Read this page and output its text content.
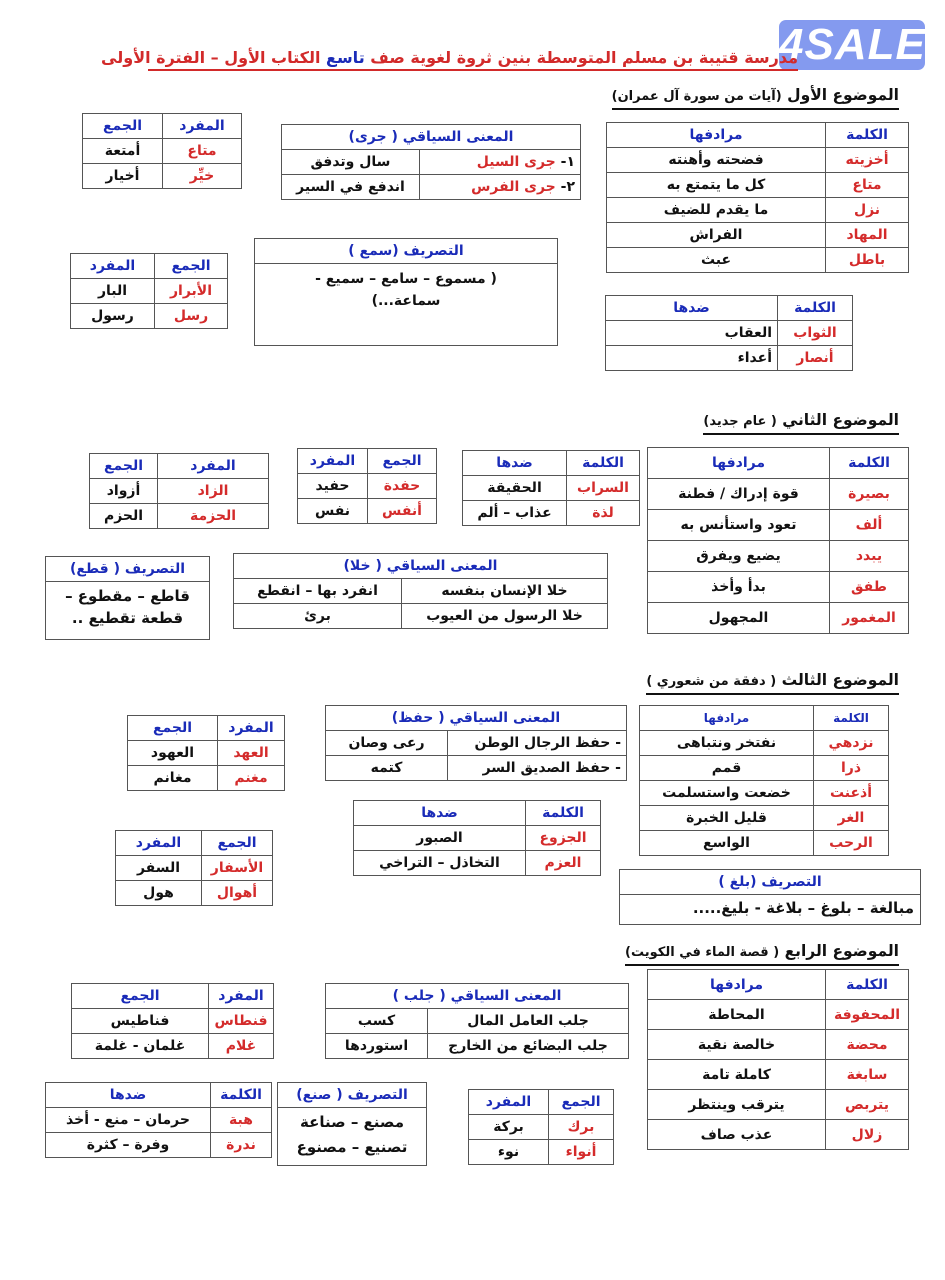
4SALE
مدرسة قتيبة بن مسلم المتوسطة بنين ثروة لغوية صف تاسع الكتاب الأول – الفترة الأولى
الموضوع الأول (آيات من سورة آل عمران)
الكلمة	مرادفها
أخزيته	فضحته وأهنته
متاع	كل ما يتمتع به
نزل	ما يقدم للضيف
المهاد	الفراش
باطل	عبث
الكلمة	ضدها
الثواب	العقاب
أنصار	أعداء
المعنى السياقي ( جرى)	
١- جرى السيل	سال وتدفق
٢- جرى الفرس	اندفع في السير
المفرد	الجمع
متاع	أمتعة
خيِّر	أخيار
الجمع	المفرد
الأبرار	البار
رسل	رسول
التصريف (سمع )
( مسموع – سامع – سميع - سماعة...)
الموضوع الثاني ( عام جديد)
الكلمة	مرادفها
بصيرة	قوة إدراك / فطنة
ألف	تعود واستأنس به
يبدد	يضيع ويفرق
طفق	بدأ وأخذ
المغمور	المجهول
الكلمة	ضدها
السراب	الحقيقة
لذة	عذاب – ألم
الجمع	المفرد
حفدة	حفيد
أنفس	نفس
المفرد	الجمع
الزاد	أزواد
الحزمة	الحزم
المعنى السياقي ( خلا)	
خلا الإنسان بنفسه	انفرد بها – انقطع
خلا الرسول من العيوب	برئ
التصريف ( قطع)
قاطع – مقطوع – قطعة تقطيع ..
الموضوع الثالث ( دفقة من شعوري )
الكلمة	مرادفها
نزدهي	نفتخر ونتباهى
ذرا	قمم
أذعنت	خضعت واستسلمت
الغر	قليل الخبرة
الرحب	الواسع
التصريف (بلغ )
مبالغة – بلوغ – بلاغة - بليغ.....
المعنى السياقي ( حفظ)	
- حفظ الرجال الوطن	رعى وصان
- حفظ الصديق السر	كتمه
الكلمة	ضدها
الجزوع	الصبور
العزم	التخاذل – التراخي
المفرد	الجمع
العهد	العهود
مغنم	مغانم
الجمع	المفرد
الأسفار	السفر
أهوال	هول
الموضوع الرابع ( قصة الماء في الكويت)
الكلمة	مرادفها
المحفوفة	المحاطة
محضة	خالصة نقية
سابغة	كاملة تامة
يتربص	يترقب وينتظر
زلال	عذب صاف
المعنى السياقي ( جلب )	
جلب العامل المال	كسب
جلب البضائع من الخارج	استوردها
المفرد	الجمع
فنطاس	فناطيس
غلام	غلمان - غلمة
الكلمة	ضدها
هبة	حرمان – منع - أخذ
ندرة	وفرة – كثرة
التصريف ( صنع)
مصنع – صناعة
تصنيع – مصنوع
الجمع	المفرد
برك	بركة
أنواء	نوء
